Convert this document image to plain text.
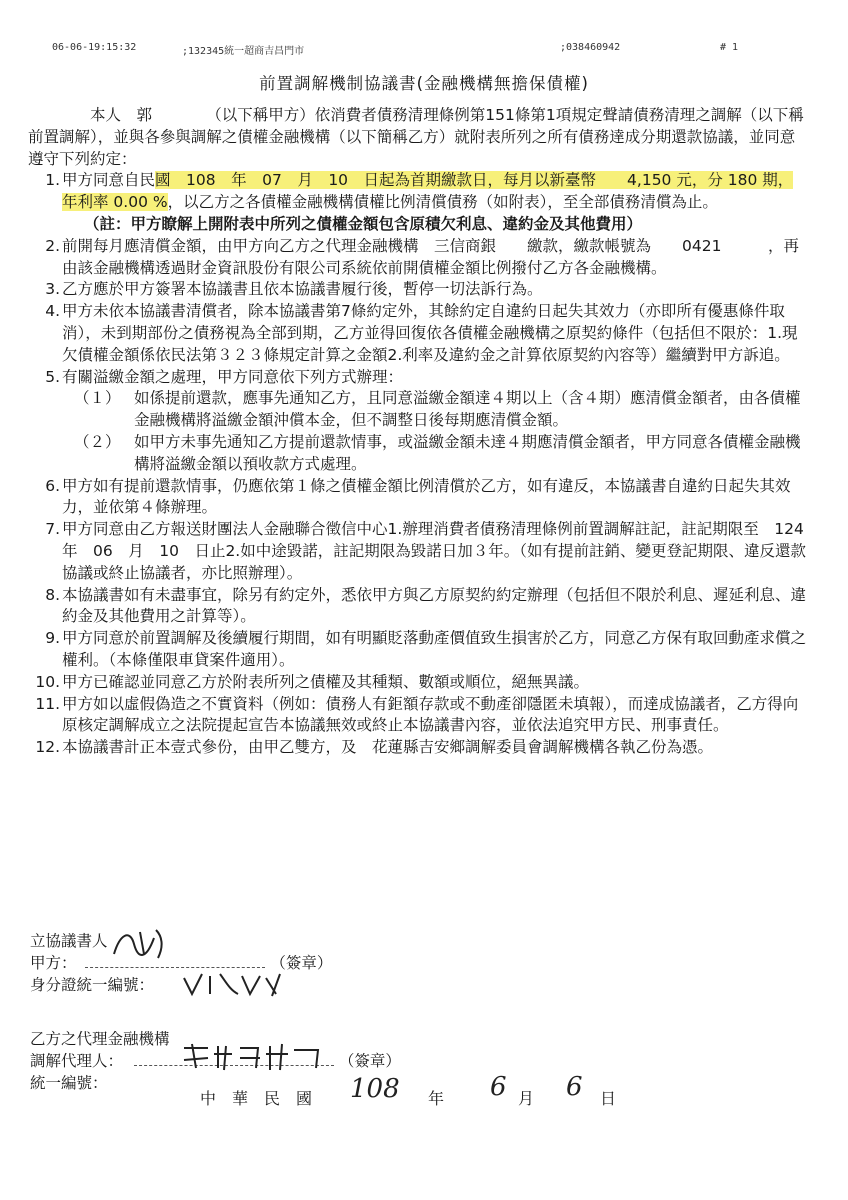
06-06-19:15:32	;132345統一超商吉昌門市	;038460942	# 1
前置調解機制協議書(金融機構無擔保債權)

本人　郭　　　　（以下稱甲方）依消費者債務清理條例第151條第1項規定聲請債務清理之調解（以下稱前置調解），並與各參與調解之債權金融機構（以下簡稱乙方）就附表所列之所有債務達成分期還款協議，並同意遵守下列約定：

1. 甲方同意自民國　108　年　07　月　10　日起為首期繳款日，每月以新臺幣　　4,150 元，分 180 期，年利率 0.00 %，以乙方之各債權金融機構債權比例清償債務（如附表），至全部債務清償為止。

（註：甲方瞭解上開附表中所列之債權金額包含原積欠利息、違約金及其他費用）

2. 前開每月應清償金額，由甲方向乙方之代理金融機構　三信商銀　　繳款，繳款帳號為　　0421　　　，再由該金融機構透過財金資訊股份有限公司系統依前開債權金額比例撥付乙方各金融機構。
3. 乙方應於甲方簽署本協議書且依本協議書履行後，暫停一切法訴行為。
4. 甲方未依本協議書清償者，除本協議書第7條約定外，其餘約定自違約日起失其效力（亦即所有優惠條件取消），未到期部份之債務視為全部到期，乙方並得回復依各債權金融機構之原契約條件（包括但不限於：1.現欠債權金額係依民法第３２３條規定計算之金額2.利率及違約金之計算依原契約內容等）繼續對甲方訴追。
5. 有關溢繳金額之處理，甲方同意依下列方式辦理：
（１） 如係提前還款，應事先通知乙方，且同意溢繳金額達４期以上（含４期）應清償金額者，由各債權金融機構將溢繳金額沖償本金，但不調整日後每期應清償金額。
（２） 如甲方未事先通知乙方提前還款情事，或溢繳金額未達４期應清償金額者，甲方同意各債權金融機構將溢繳金額以預收款方式處理。
6. 甲方如有提前還款情事，仍應依第１條之債權金額比例清償於乙方，如有違反，本協議書自違約日起失其效力，並依第４條辦理。
7. 甲方同意由乙方報送財團法人金融聯合徵信中心1.辦理消費者債務清理條例前置調解註記，註記期限至　124　年　06　月　10　日止2.如中途毀諾，註記期限為毀諾日加３年。（如有提前註銷、變更登記期限、違反還款協議或終止協議者，亦比照辦理）。
8. 本協議書如有未盡事宜，除另有約定外，悉依甲方與乙方原契約約定辦理（包括但不限於利息、遲延利息、違約金及其他費用之計算等）。
9. 甲方同意於前置調解及後續履行期間，如有明顯貶落動產價值致生損害於乙方，同意乙方保有取回動產求償之權利。（本條僅限車貸案件適用）。
10. 甲方已確認並同意乙方於附表所列之債權及其種類、數額或順位，絕無異議。
11. 甲方如以虛假偽造之不實資料（例如：債務人有鉅額存款或不動產卻隱匿未填報），而達成協議者，乙方得向原核定調解成立之法院提起宣告本協議無效或終止本協議書內容，並依法追究甲方民、刑事責任。
12. 本協議書計正本壹式參份，由甲乙雙方，及　花蓮縣吉安鄉調解委員會調解機構各執乙份為憑。
立協議書人
甲方：	（簽章）
身分證統一編號：
乙方之代理金融機構
調解代理人：	（簽章）
統一編號：
中　華　民　國 108 年 6 月 6 日
